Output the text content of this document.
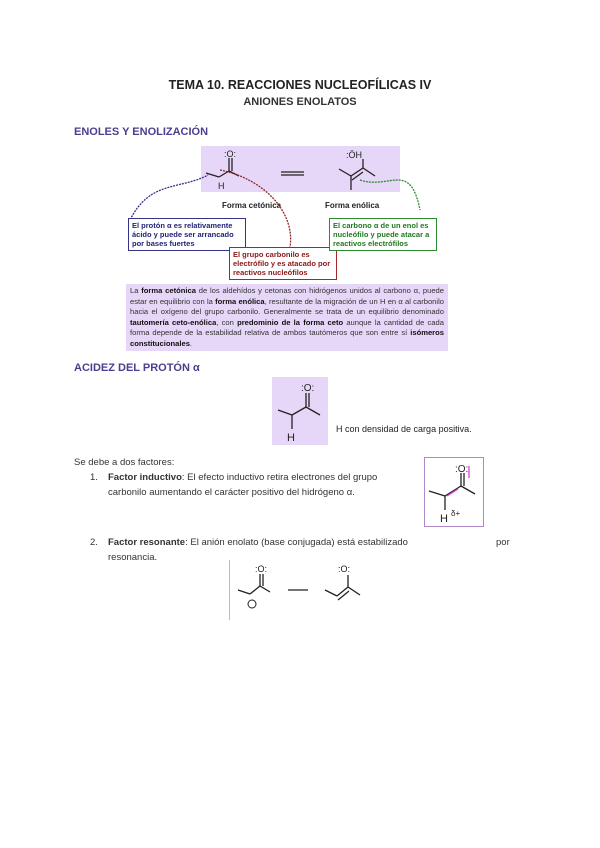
TEMA 10. REACCIONES NUCLEOFÍLICAS IV
ANIONES ENOLATOS
ENOLES Y ENOLIZACIÓN
:O:
H
:ÖH
Forma cetónica	Forma enólica
El protón α es relativamente ácido y puede ser arrancado por bases fuertes
El grupo carbonilo es electrófilo y es atacado por reactivos nucleófilos
El carbono α de un enol es nucleófilo y puede atacar a reactivos electrófilos
La forma cetónica de los aldehídos y cetonas con hidrógenos unidos al carbono α, puede estar en equilibrio con la forma enólica, resultante de la migración de un H en α al carbonilo hacia el oxígeno del grupo carbonilo. Generalmente se trata de un equilibrio denominado tautomería ceto-enólica, con predominio de la forma ceto aunque la cantidad de cada forma depende de la estabilidad relativa de ambos tautómeros que son entre sí isómeros constitucionales.
ACIDEZ DEL PROTÓN α
:O:
H
H con densidad de carga positiva.
Se debe a dos factores:
1. Factor inductivo: El efecto inductivo retira electrones del grupo carbonilo aumentando el carácter positivo del hidrógeno α.
:O:
H δ+
2. Factor resonante: El anión enolato (base conjugada) está estabilizado	por
resonancia.
:O:	:O:
